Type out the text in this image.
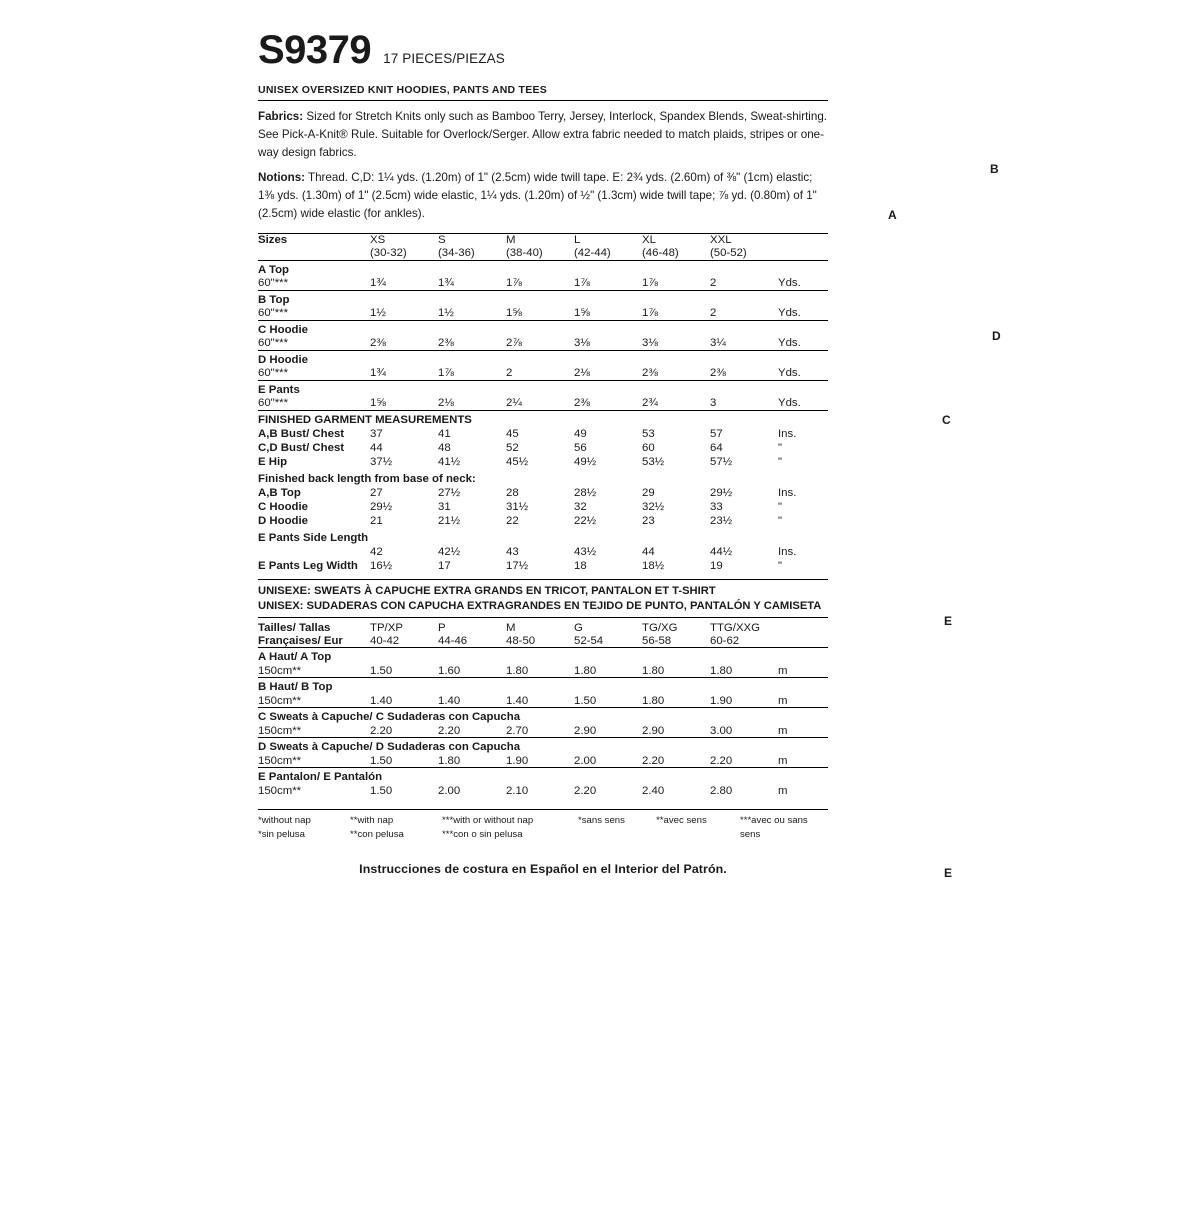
S9379 17 PIECES/PIEZAS
UNISEX OVERSIZED KNIT HOODIES, PANTS AND TEES
Fabrics: Sized for Stretch Knits only such as Bamboo Terry, Jersey, Interlock, Spandex Blends, Sweat-shirting. See Pick-A-Knit® Rule. Suitable for Overlock/Serger. Allow extra fabric needed to match plaids, stripes or one-way design fabrics.
Notions: Thread. C,D: 1¼ yds. (1.20m) of 1" (2.5cm) wide twill tape. E: 2¾ yds. (2.60m) of ⅜" (1cm) elastic; 1⅜ yds. (1.30m) of 1" (2.5cm) wide elastic, 1¼ yds. (1.20m) of ½" (1.3cm) wide twill tape; ⅞ yd. (0.80m) of 1" (2.5cm) wide elastic (for ankles).
Sizes	XS	S	M	L	XL	XXL	
	(30-32)	(34-36)	(38-40)	(42-44)	(46-48)	(50-52)	
A Top							
60"***	1¾	1¾	1⅞	1⅞	1⅞	2	Yds.
B Top							
60"***	1½	1½	1⅝	1⅝	1⅞	2	Yds.
C Hoodie							
60"***	2⅜	2⅜	2⅞	3⅛	3⅛	3¼	Yds.
D Hoodie							
60"***	1¾	1⅞	2	2⅛	2⅜	2⅜	Yds.
E Pants							
60"***	1⅝	2⅛	2¼	2⅜	2¾	3	Yds.
FINISHED GARMENT MEASUREMENTS							
A,B Bust/ Chest	37	41	45	49	53	57	Ins.
C,D Bust/ Chest	44	48	52	56	60	64	"
E Hip	37½	41½	45½	49½	53½	57½	"
Finished back length from base of neck:							
A,B Top	27	27½	28	28½	29	29½	Ins.
C Hoodie	29½	31	31½	32	32½	33	"
D Hoodie	21	21½	22	22½	23	23½	"
E Pants Side Length							
	42	42½	43	43½	44	44½	Ins.
E Pants Leg Width	16½	17	17½	18	18½	19	"
UNISEXE: SWEATS À CAPUCHE EXTRA GRANDS EN TRICOT, PANTALON ET T-SHIRT
UNISEX: SUDADERAS CON CAPUCHA EXTRAGRANDES EN TEJIDO DE PUNTO, PANTALÓN Y CAMISETA
Tailles/ Tallas	TP/XP	P	M	G	TG/XG	TTG/XXG	
Françaises/ Eur	40-42	44-46	48-50	52-54	56-58	60-62	
A Haut/ A Top							
150cm**	1.50	1.60	1.80	1.80	1.80	1.80	m
B Haut/ B Top							
150cm**	1.40	1.40	1.40	1.50	1.80	1.90	m
C Sweats à Capuche/ C Sudaderas con Capucha							
150cm**	2.20	2.20	2.70	2.90	2.90	3.00	m
D Sweats à Capuche/ D Sudaderas con Capucha							
150cm**	1.50	1.80	1.90	2.00	2.20	2.20	m
E Pantalon/ E Pantalón							
150cm**	1.50	2.00	2.10	2.20	2.40	2.80	m
*without nap	**with nap	***with or without nap
*sin pelusa	**con pelusa	***con o sin pelusa
*sans sens	**avec sens	***avec ou sans sens
Instrucciones de costura en Español en el Interior del Patrón.
A
B
C
D
E
E
